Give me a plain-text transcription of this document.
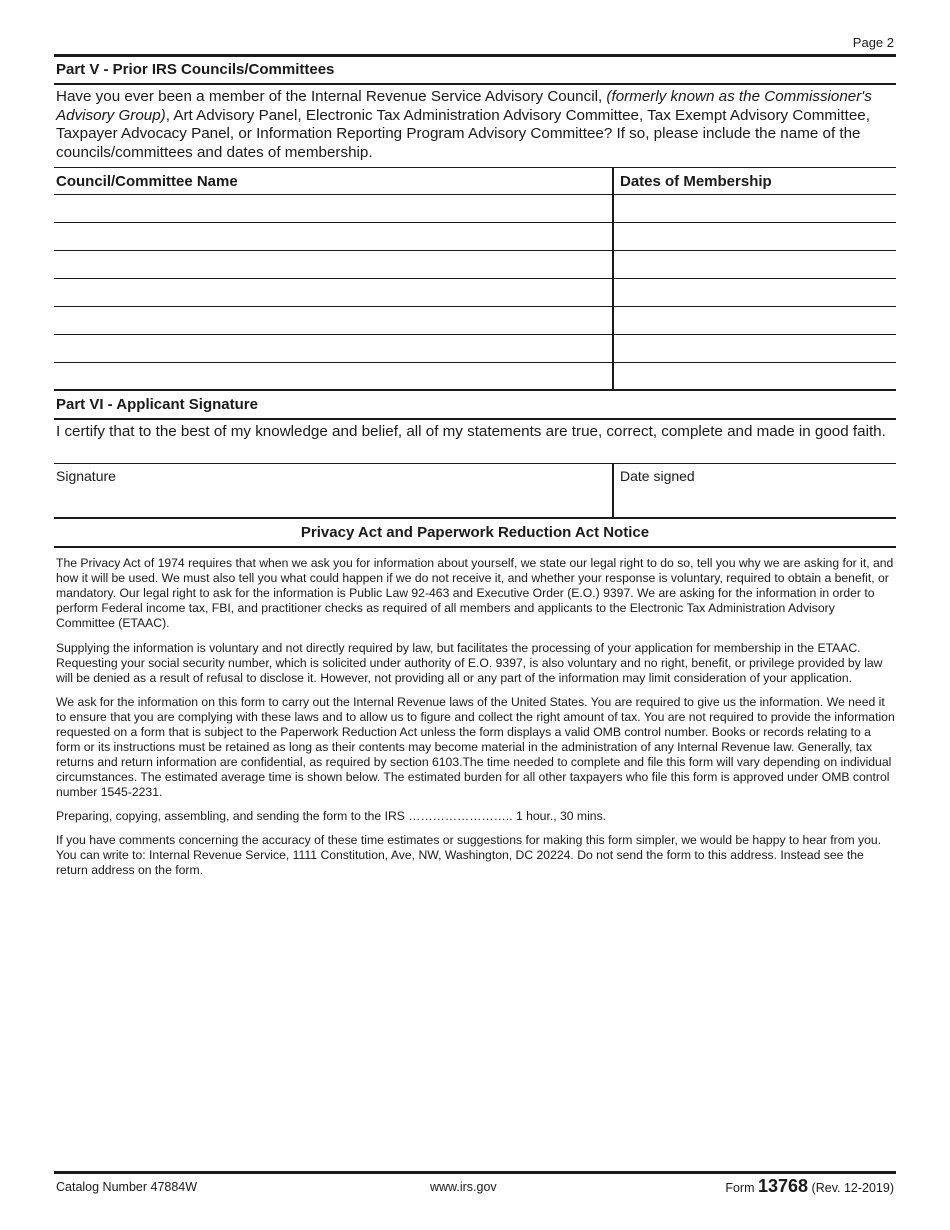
Page 2
Part V - Prior IRS Councils/Committees
Have you ever been a member of the Internal Revenue Service Advisory Council, (formerly known as the Commissioner's Advisory Group), Art Advisory Panel, Electronic Tax Administration Advisory Committee, Tax Exempt Advisory Committee, Taxpayer Advocacy Panel, or Information Reporting Program Advisory Committee? If so, please include the name of the councils/committees and dates of membership.
Council/Committee Name	Dates of Membership
Part VI - Applicant Signature
I certify that to the best of my knowledge and belief, all of my statements are true, correct, complete and made in good faith.
Signature	Date signed
Privacy Act and Paperwork Reduction Act Notice

The Privacy Act of 1974 requires that when we ask you for information about yourself, we state our legal right to do so, tell you why we are asking for it, and how it will be used. We must also tell you what could happen if we do not receive it, and whether your response is voluntary, required to obtain a benefit, or mandatory. Our legal right to ask for the information is Public Law 92-463 and Executive Order (E.O.) 9397. We are asking for the information in order to perform Federal income tax, FBI, and practitioner checks as required of all members and applicants to the Electronic Tax Administration Advisory Committee (ETAAC).

Supplying the information is voluntary and not directly required by law, but facilitates the processing of your application for membership in the ETAAC. Requesting your social security number, which is solicited under authority of E.O. 9397, is also voluntary and no right, benefit, or privilege provided by law will be denied as a result of refusal to disclose it. However, not providing all or any part of the information may limit consideration of your application.

We ask for the information on this form to carry out the Internal Revenue laws of the United States. You are required to give us the information. We need it to ensure that you are complying with these laws and to allow us to figure and collect the right amount of tax. You are not required to provide the information requested on a form that is subject to the Paperwork Reduction Act unless the form displays a valid OMB control number. Books or records relating to a form or its instructions must be retained as long as their contents may become material in the administration of any Internal Revenue law. Generally, tax returns and return information are confidential, as required by section 6103.The time needed to complete and file this form will vary depending on individual circumstances. The estimated average time is shown below. The estimated burden for all other taxpayers who file this form is approved under OMB control number 1545-2231.

Preparing, copying, assembling, and sending the form to the IRS …………………….. 1 hour., 30 mins.

If you have comments concerning the accuracy of these time estimates or suggestions for making this form simpler, we would be happy to hear from you. You can write to: Internal Revenue Service, 1111 Constitution, Ave, NW, Washington, DC 20224. Do not send the form to this address. Instead see the return address on the form.

Catalog Number 47884W	www.irs.gov	Form 13768 (Rev. 12-2019)
